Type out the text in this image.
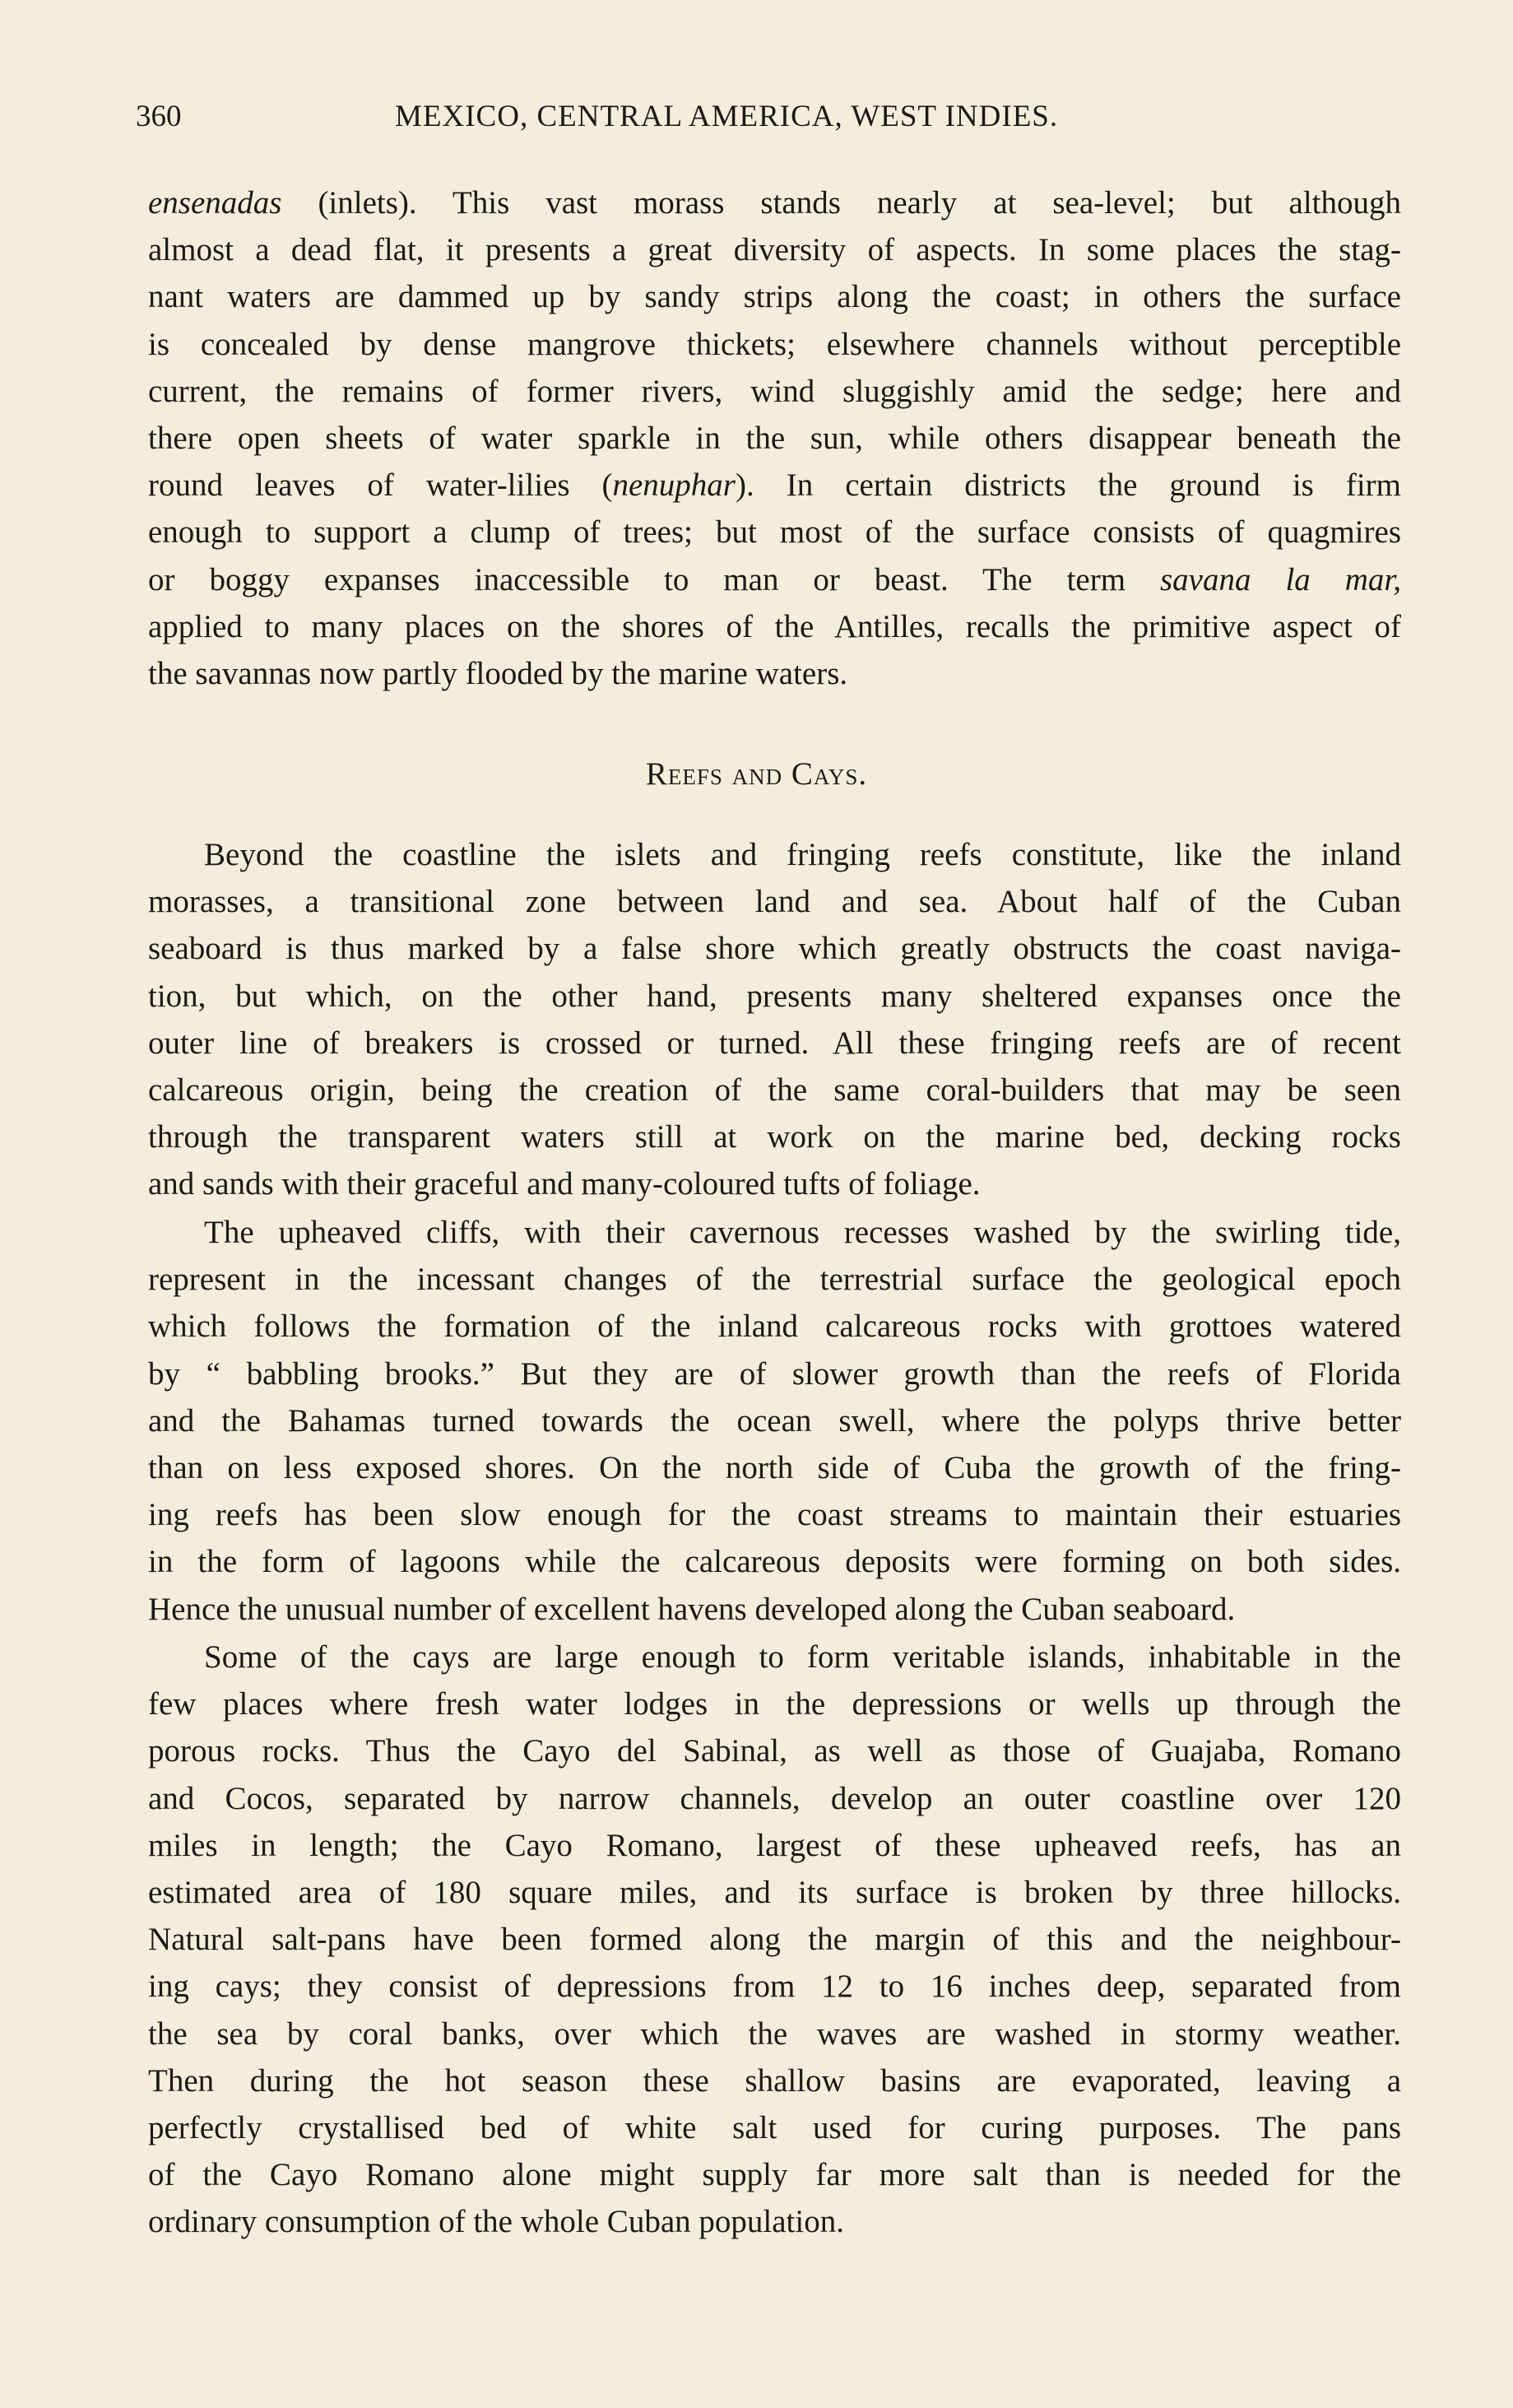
360	MEXICO, CENTRAL AMERICA, WEST INDIES.
ensenadas (inlets). This vast morass stands nearly at sea-level; but although
almost a dead flat, it presents a great diversity of aspects. In some places the stag-
nant waters are dammed up by sandy strips along the coast; in others the surface
is concealed by dense mangrove thickets; elsewhere channels without perceptible
current, the remains of former rivers, wind sluggishly amid the sedge; here and
there open sheets of water sparkle in the sun, while others disappear beneath the
round leaves of water-lilies (nenuphar). In certain districts the ground is firm
enough to support a clump of trees; but most of the surface consists of quagmires
or boggy expanses inaccessible to man or beast. The term savana la mar,
applied to many places on the shores of the Antilles, recalls the primitive aspect of
the savannas now partly flooded by the marine waters.
Reefs and Cays.
Beyond the coastline the islets and fringing reefs constitute, like the inland
morasses, a transitional zone between land and sea. About half of the Cuban
seaboard is thus marked by a false shore which greatly obstructs the coast naviga-
tion, but which, on the other hand, presents many sheltered expanses once the
outer line of breakers is crossed or turned. All these fringing reefs are of recent
calcareous origin, being the creation of the same coral-builders that may be seen
through the transparent waters still at work on the marine bed, decking rocks
and sands with their graceful and many-coloured tufts of foliage.
The upheaved cliffs, with their cavernous recesses washed by the swirling tide,
represent in the incessant changes of the terrestrial surface the geological epoch
which follows the formation of the inland calcareous rocks with grottoes watered
by “ babbling brooks.” But they are of slower growth than the reefs of Florida
and the Bahamas turned towards the ocean swell, where the polyps thrive better
than on less exposed shores. On the north side of Cuba the growth of the fring-
ing reefs has been slow enough for the coast streams to maintain their estuaries
in the form of lagoons while the calcareous deposits were forming on both sides.
Hence the unusual number of excellent havens developed along the Cuban seaboard.
Some of the cays are large enough to form veritable islands, inhabitable in the
few places where fresh water lodges in the depressions or wells up through the
porous rocks. Thus the Cayo del Sabinal, as well as those of Guajaba, Romano
and Cocos, separated by narrow channels, develop an outer coastline over 120
miles in length; the Cayo Romano, largest of these upheaved reefs, has an
estimated area of 180 square miles, and its surface is broken by three hillocks.
Natural salt-pans have been formed along the margin of this and the neighbour-
ing cays; they consist of depressions from 12 to 16 inches deep, separated from
the sea by coral banks, over which the waves are washed in stormy weather.
Then during the hot season these shallow basins are evaporated, leaving a
perfectly crystallised bed of white salt used for curing purposes. The pans
of the Cayo Romano alone might supply far more salt than is needed for the
ordinary consumption of the whole Cuban population.
